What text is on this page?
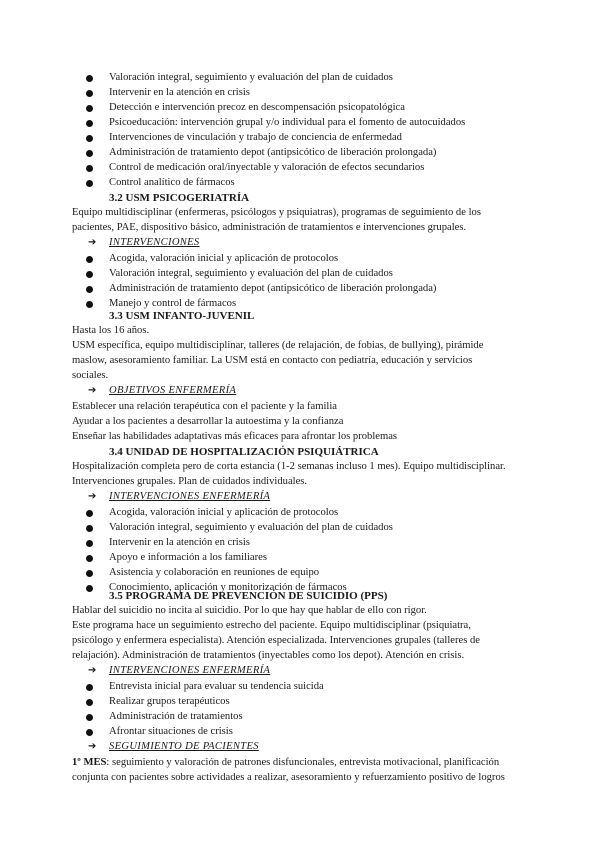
Valoración integral, seguimiento y evaluación del plan de cuidados
Intervenir en la atención en crisis
Detección e intervención precoz en descompensación psicopatológica
Psicoeducación: intervención grupal y/o individual para el fomento de autocuidados
Intervenciones de vinculación y trabajo de conciencia de enfermedad
Administración de tratamiento depot (antipsicótico de liberación prolongada)
Control de medicación oral/inyectable y valoración de efectos secundarios
Control analítico de fármacos
3.2 USM PSICOGERIATRÍA
Equipo multidisciplinar (enfermeras, psicólogos y psiquiatras), programas de seguimiento de los
pacientes, PAE, dispositivo básico, administración de tratamientos e intervenciones grupales.
➔ INTERVENCIONES
Acogida, valoración inicial y aplicación de protocolos
Valoración integral, seguimiento y evaluación del plan de cuidados
Administración de tratamiento depot (antipsicótico de liberación prolongada)
Manejo y control de fármacos
3.3 USM INFANTO-JUVENIL
Hasta los 16 años.
USM específica, equipo multidisciplinar, talleres (de relajación, de fobias, de bullying), pirámide
maslow, asesoramiento familiar. La USM está en contacto con pediatría, educación y servicios
sociales.
➔ OBJETIVOS ENFERMERÍA
Establecer una relación terapéutica con el paciente y la familia
Ayudar a los pacientes a desarrollar la autoestima y la confianza
Enseñar las habilidades adaptativas más eficaces para afrontar los problemas
3.4 UNIDAD DE HOSPITALIZACIÓN PSIQUIÁTRICA
Hospitalización completa pero de corta estancia (1-2 semanas incluso 1 mes). Equipo multidisciplinar.
Intervenciones grupales. Plan de cuidados individuales.
➔ INTERVENCIONES ENFERMERÍA
Acogida, valoración inicial y aplicación de protocolos
Valoración integral, seguimiento y evaluación del plan de cuidados
Intervenir en la atención en crisis
Apoyo e información a los familiares
Asistencia y colaboración en reuniones de equipo
Conocimiento, aplicación y monitorización de fármacos
3.5 PROGRAMA DE PREVENCIÓN DE SUICIDIO (PPS)
Hablar del suicidio no incita al suicidio. Por lo que hay que hablar de ello con rigor.
Este programa hace un seguimiento estrecho del paciente. Equipo multidisciplinar (psiquiatra,
psicólogo y enfermera especialista). Atención especializada. Intervenciones grupales (talleres de
relajación). Administración de tratamientos (inyectables como los depot). Atención en crisis.
➔ INTERVENCIONES ENFERMERÍA
Entrevista inicial para evaluar su tendencia suicida
Realizar grupos terapéuticos
Administración de tratamientos
Afrontar situaciones de crisis
➔ SEGUIMIENTO DE PACIENTES
1º MES: seguimiento y valoración de patrones disfuncionales, entrevista motivacional, planificación
conjunta con pacientes sobre actividades a realizar, asesoramiento y refuerzamiento positivo de logros
